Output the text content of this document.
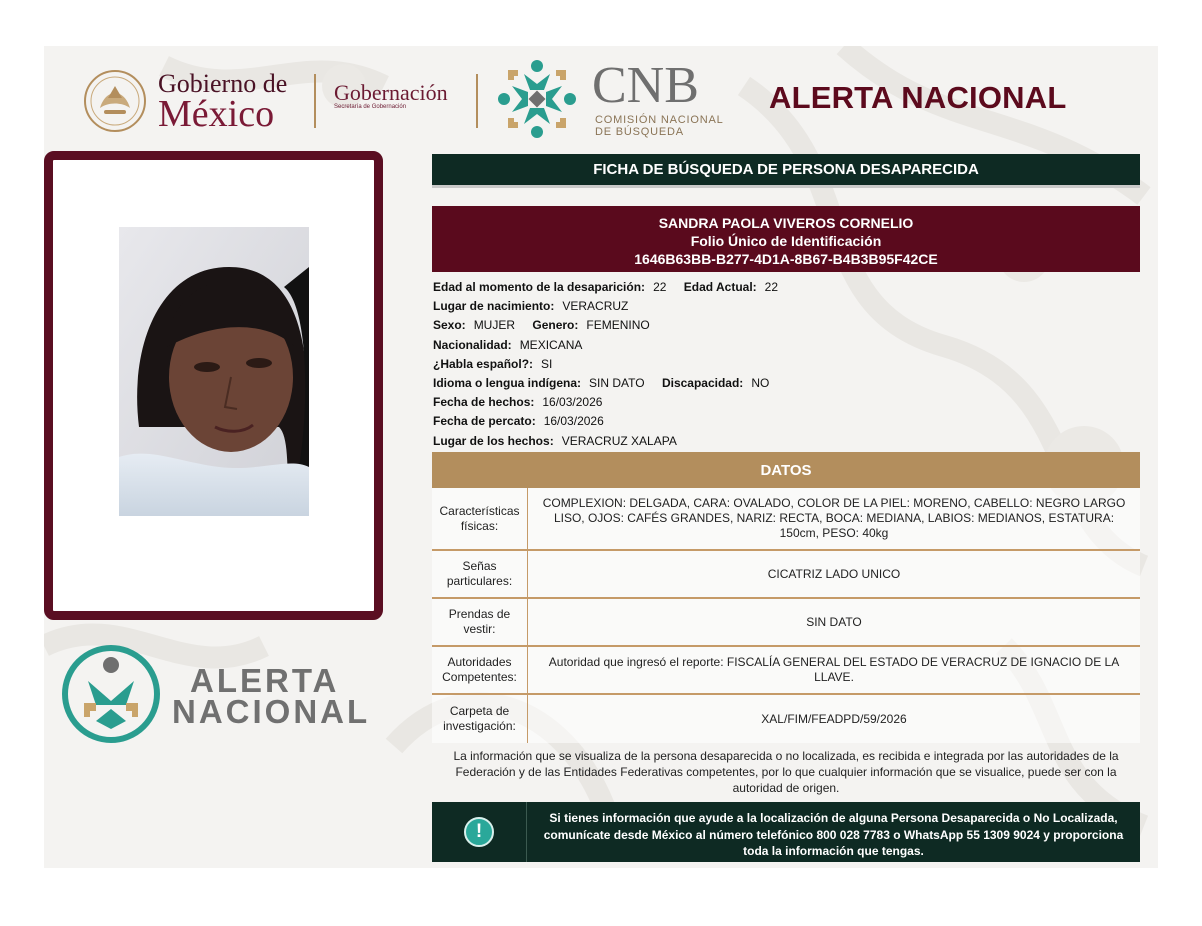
Gobierno de
México
Gobernación
Secretaría de Gobernación	CNB
COMISIÓN NACIONAL
DE BÚSQUEDA
ALERTA NACIONAL
ALERTA
NACIONAL
FICHA DE BÚSQUEDA DE PERSONA DESAPARECIDA
SANDRA PAOLA VIVEROS CORNELIO
Folio Único de Identificación
1646B63BB-B277-4D1A-8B67-B4B3B95F42CE
Edad al momento de la desaparición: 22 Edad Actual: 22
Lugar de nacimiento: VERACRUZ
Sexo: MUJER Genero: FEMENINO
Nacionalidad: MEXICANA
¿Habla español?: SI
Idioma o lengua indígena: SIN DATO Discapacidad: NO
Fecha de hechos: 16/03/2026
Fecha de percato: 16/03/2026
Lugar de los hechos: VERACRUZ XALAPA
DATOS
Características físicas:
COMPLEXION: DELGADA, CARA: OVALADO, COLOR DE LA PIEL: MORENO, CABELLO: NEGRO LARGO LISO, OJOS: CAFÉS GRANDES, NARIZ: RECTA, BOCA: MEDIANA, LABIOS: MEDIANOS, ESTATURA: 150cm, PESO: 40kg
Señas particulares:
CICATRIZ LADO UNICO
Prendas de vestir:
SIN DATO
Autoridades Competentes:
Autoridad que ingresó el reporte: FISCALÍA GENERAL DEL ESTADO DE VERACRUZ DE IGNACIO DE LA LLAVE.
Carpeta de investigación:
XAL/FIM/FEADPD/59/2026
La información que se visualiza de la persona desaparecida o no localizada, es recibida e integrada por las autoridades de la Federación y de las Entidades Federativas competentes, por lo que cualquier información que se visualice, puede ser con la autoridad de origen.
!
Si tienes información que ayude a la localización de alguna Persona Desaparecida o No Localizada, comunícate desde México al número telefónico 800 028 7783 o WhatsApp 55 1309 9024 y proporciona toda la información que tengas.
